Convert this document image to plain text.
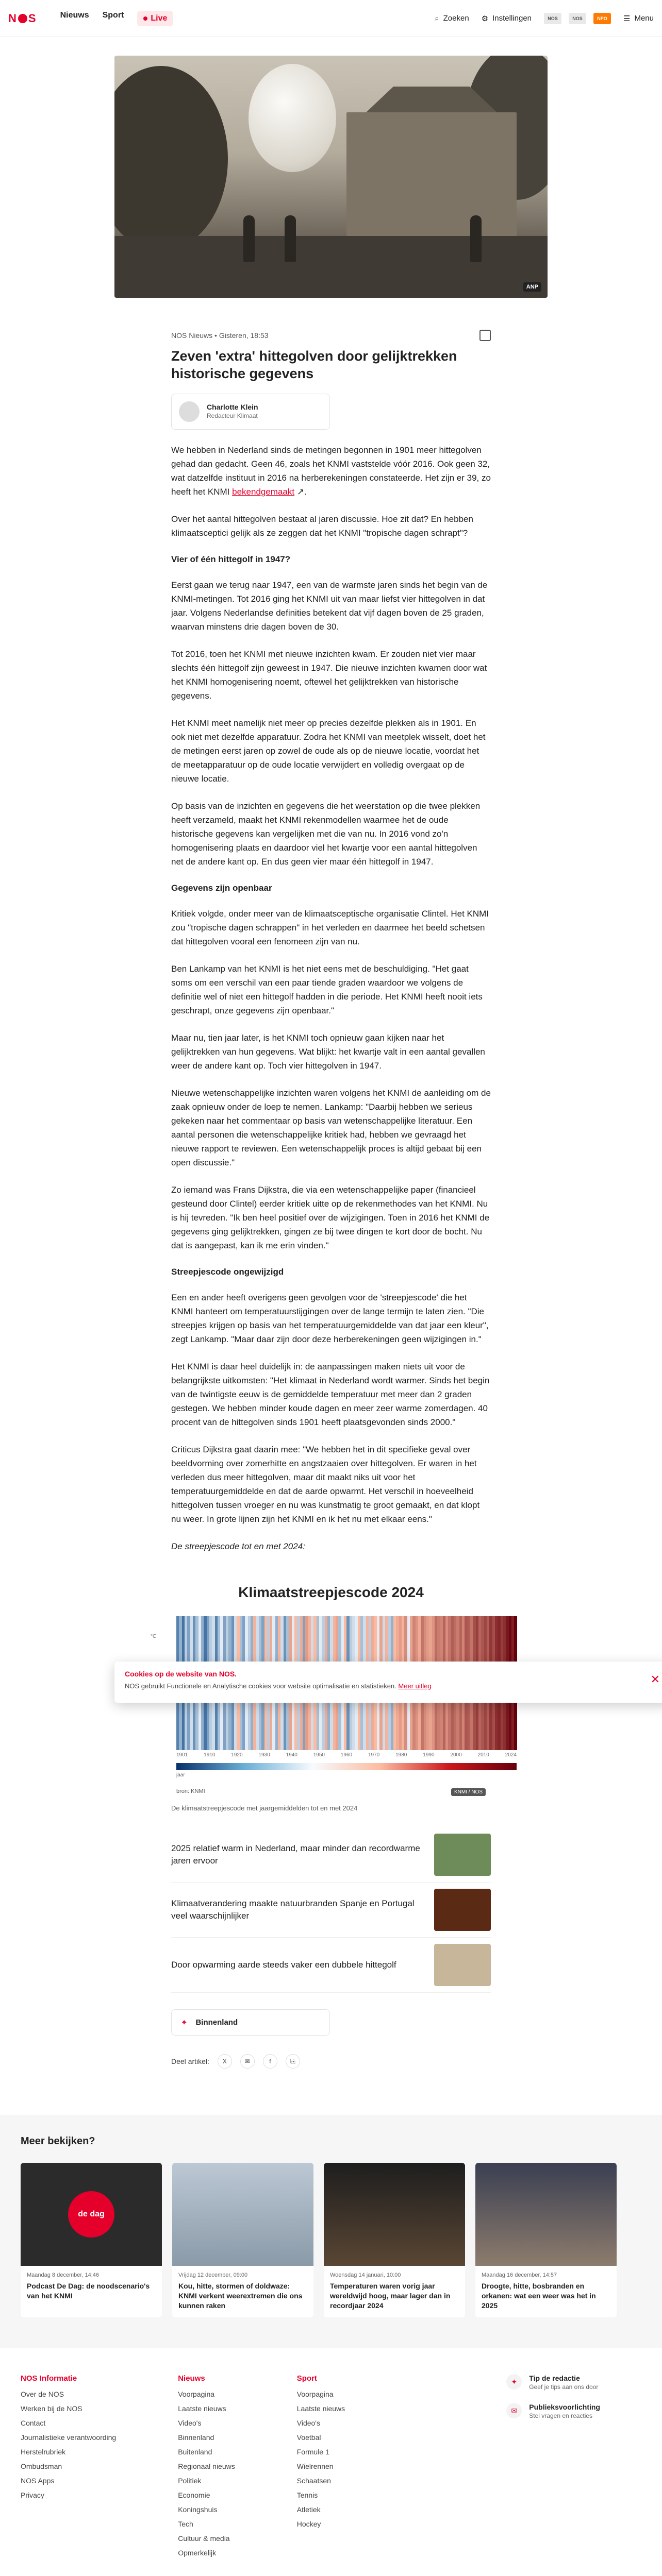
N S	Nieuws Sport	Live	⌕ Zoeken ⚙ Instellingen	NOS	NOS	NPO	☰ Menu
ANP
NOS Nieuws • Gisteren, 18:53
Zeven 'extra' hittegolven door gelijktrekken historische gegevens
Charlotte Klein
Redacteur Klimaat

We hebben in Nederland sinds de metingen begonnen in 1901 meer hittegolven gehad dan gedacht. Geen 46, zoals het KNMI vaststelde vóór 2016. Ook geen 32, wat datzelfde instituut in 2016 na herberekeningen constateerde. Het zijn er 39, zo heeft het KNMI bekendgemaakt ↗.

Over het aantal hittegolven bestaat al jaren discussie. Hoe zit dat? En hebben klimaatsceptici gelijk als ze zeggen dat het KNMI "tropische dagen schrapt"?

Vier of één hittegolf in 1947?

Eerst gaan we terug naar 1947, een van de warmste jaren sinds het begin van de KNMI-metingen. Tot 2016 ging het KNMI uit van maar liefst vier hittegolven in dat jaar. Volgens Nederlandse definities betekent dat vijf dagen boven de 25 graden, waarvan minstens drie dagen boven de 30.

Tot 2016, toen het KNMI met nieuwe inzichten kwam. Er zouden niet vier maar slechts één hittegolf zijn geweest in 1947. Die nieuwe inzichten kwamen door wat het KNMI homogenisering noemt, oftewel het gelijktrekken van historische gegevens.

Het KNMI meet namelijk niet meer op precies dezelfde plekken als in 1901. En ook niet met dezelfde apparatuur. Zodra het KNMI van meetplek wisselt, doet het de metingen eerst jaren op zowel de oude als op de nieuwe locatie, voordat het de meetapparatuur op de oude locatie verwijdert en volledig overgaat op de nieuwe locatie.

Op basis van de inzichten en gegevens die het weerstation op die twee plekken heeft verzameld, maakt het KNMI rekenmodellen waarmee het de oude historische gegevens kan vergelijken met die van nu. In 2016 vond zo'n homogenisering plaats en daardoor viel het kwartje voor een aantal hittegolven net de andere kant op. En dus geen vier maar één hittegolf in 1947.

Gegevens zijn openbaar

Kritiek volgde, onder meer van de klimaatsceptische organisatie Clintel. Het KNMI zou "tropische dagen schrappen" in het verleden en daarmee het beeld schetsen dat hittegolven vooral een fenomeen zijn van nu.

Ben Lankamp van het KNMI is het niet eens met de beschuldiging. "Het gaat soms om een verschil van een paar tiende graden waardoor we volgens de definitie wel of niet een hittegolf hadden in die periode. Het KNMI heeft nooit iets geschrapt, onze gegevens zijn openbaar."

Maar nu, tien jaar later, is het KNMI toch opnieuw gaan kijken naar het gelijktrekken van hun gegevens. Wat blijkt: het kwartje valt in een aantal gevallen weer de andere kant op. Toch vier hittegolven in 1947.

Nieuwe wetenschappelijke inzichten waren volgens het KNMI de aanleiding om de zaak opnieuw onder de loep te nemen. Lankamp: "Daarbij hebben we serieus gekeken naar het commentaar op basis van wetenschappelijke literatuur. Een aantal personen die wetenschappelijke kritiek had, hebben we gevraagd het nieuwe rapport te reviewen. Een wetenschappelijk proces is altijd gebaat bij een open discussie."

Zo iemand was Frans Dijkstra, die via een wetenschappelijke paper (financieel gesteund door Clintel) eerder kritiek uitte op de rekenmethodes van het KNMI. Nu is hij tevreden. "Ik ben heel positief over de wijzigingen. Toen in 2016 het KNMI de gegevens ging gelijktrekken, gingen ze bij twee dingen te kort door de bocht. Nu dat is aangepast, kan ik me erin vinden."

Streepjescode ongewijzigd

Een en ander heeft overigens geen gevolgen voor de 'streepjescode' die het KNMI hanteert om temperatuurstijgingen over de lange termijn te laten zien. "Die streepjes krijgen op basis van het temperatuurgemiddelde van dat jaar een kleur", zegt Lankamp. "Maar daar zijn door deze herberekeningen geen wijzigingen in."

Het KNMI is daar heel duidelijk in: de aanpassingen maken niets uit voor de belangrijkste uitkomsten: "Het klimaat in Nederland wordt warmer. Sinds het begin van de twintigste eeuw is de gemiddelde temperatuur met meer dan 2 graden gestegen. We hebben minder koude dagen en meer zeer warme zomerdagen. 40 procent van de hittegolven sinds 1901 heeft plaatsgevonden sinds 2000."

Criticus Dijkstra gaat daarin mee: "We hebben het in dit specifieke geval over beeldvorming over zomerhitte en angstzaaien over hittegolven. Er waren in het verleden dus meer hittegolven, maar dit maakt niks uit voor het temperatuurgemiddelde en dat de aarde opwarmt. Het verschil in hoeveelheid hittegolven tussen vroeger en nu was kunstmatig te groot gemaakt, en dat klopt nu weer. In grote lijnen zijn het KNMI en ik het nu met elkaar eens."

De streepjescode tot en met 2024:

Klimaatstreepjescode 2024
°C
1901	1910	1920	1930	1940	1950	1960	1970	1980	1990	2000	2010	2024
jaar
bron: KNMI	KNMI / NOS
Cookies op de website van NOS.

NOS gebruikt Functionele en Analytische cookies voor website optimalisatie en statistieken. Meer uitleg

✕
De klimaatstreepjescode met jaargemiddelden tot en met 2024
2025 relatief warm in Nederland, maar minder dan recordwarme jaren ervoor
Klimaatverandering maakte natuurbranden Spanje en Portugal veel waarschijnlijker
Door opwarming aarde steeds vaker een dubbele hittegolf
⌖ Binnenland
Deel artikel:	X	✉	f	⎘
Meer bekijken?
de dag
Maandag 8 december, 14:46
Podcast De Dag: de noodscenario's van het KNMI
Vrijdag 12 december, 09:00
Kou, hitte, stormen of doldwaze: KNMI verkent weerextremen die ons kunnen raken
Woensdag 14 januari, 10:00
Temperaturen waren vorig jaar wereldwijd hoog, maar lager dan in recordjaar 2024
Maandag 16 december, 14:57
Droogte, hitte, bosbranden en orkanen: wat een weer was het in 2025
NOS Informatie
Over de NOS
Werken bij de NOS
Contact
Journalistieke verantwoording
Herstelrubriek
Ombudsman
NOS Apps
Privacy
Nieuws
Voorpagina
Laatste nieuws
Video's
Binnenland
Buitenland
Regionaal nieuws
Politiek
Economie
Koningshuis
Tech
Cultuur & media
Opmerkelijk
Sport
Voorpagina
Laatste nieuws
Video's
Voetbal
Formule 1
Wielrennen
Schaatsen
Tennis
Atletiek
Hockey
✦	Tip de redactie
Geef je tips aan ons door
✉	Publieksvoorlichting
Stel vragen en reacties
